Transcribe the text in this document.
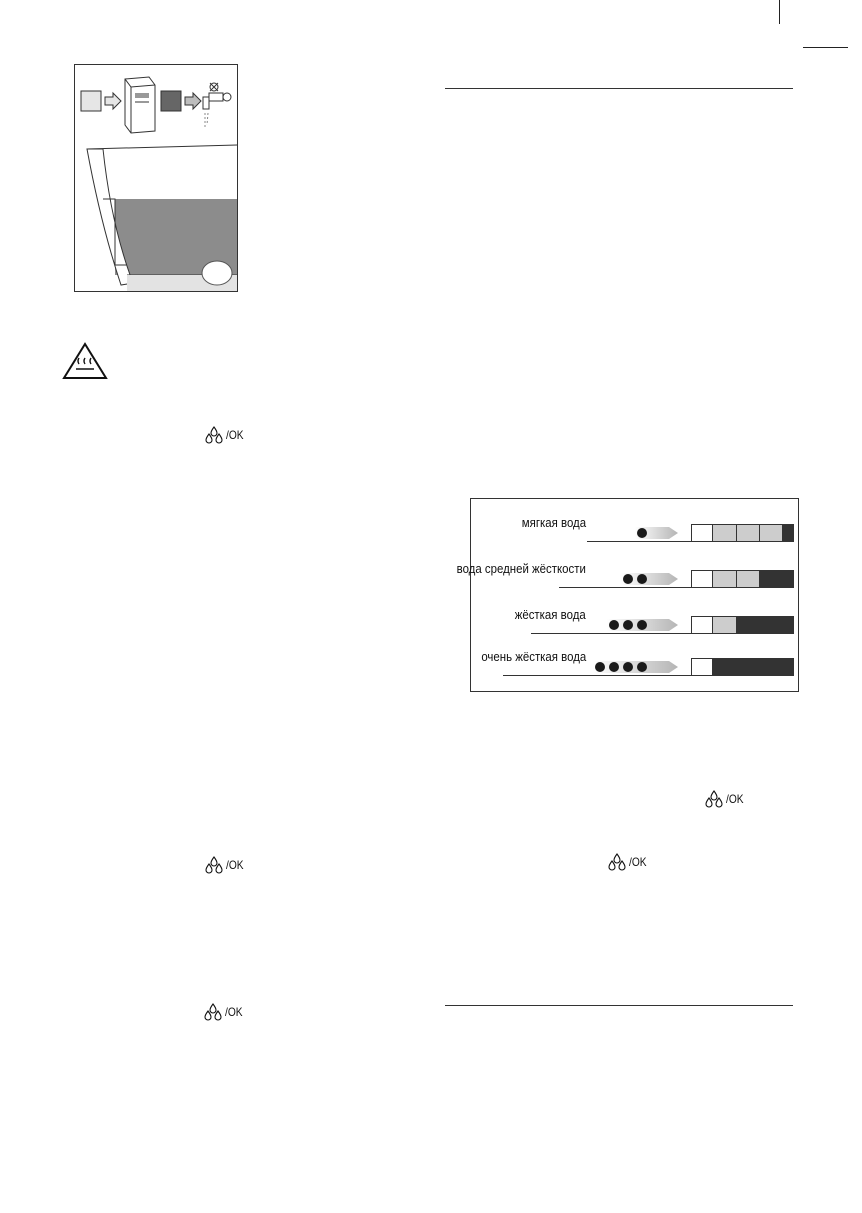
/OK
/OK
/OK
/OK
/OK
мягкая вода
вода средней жёсткости
жёсткая вода
очень жёсткая вода
